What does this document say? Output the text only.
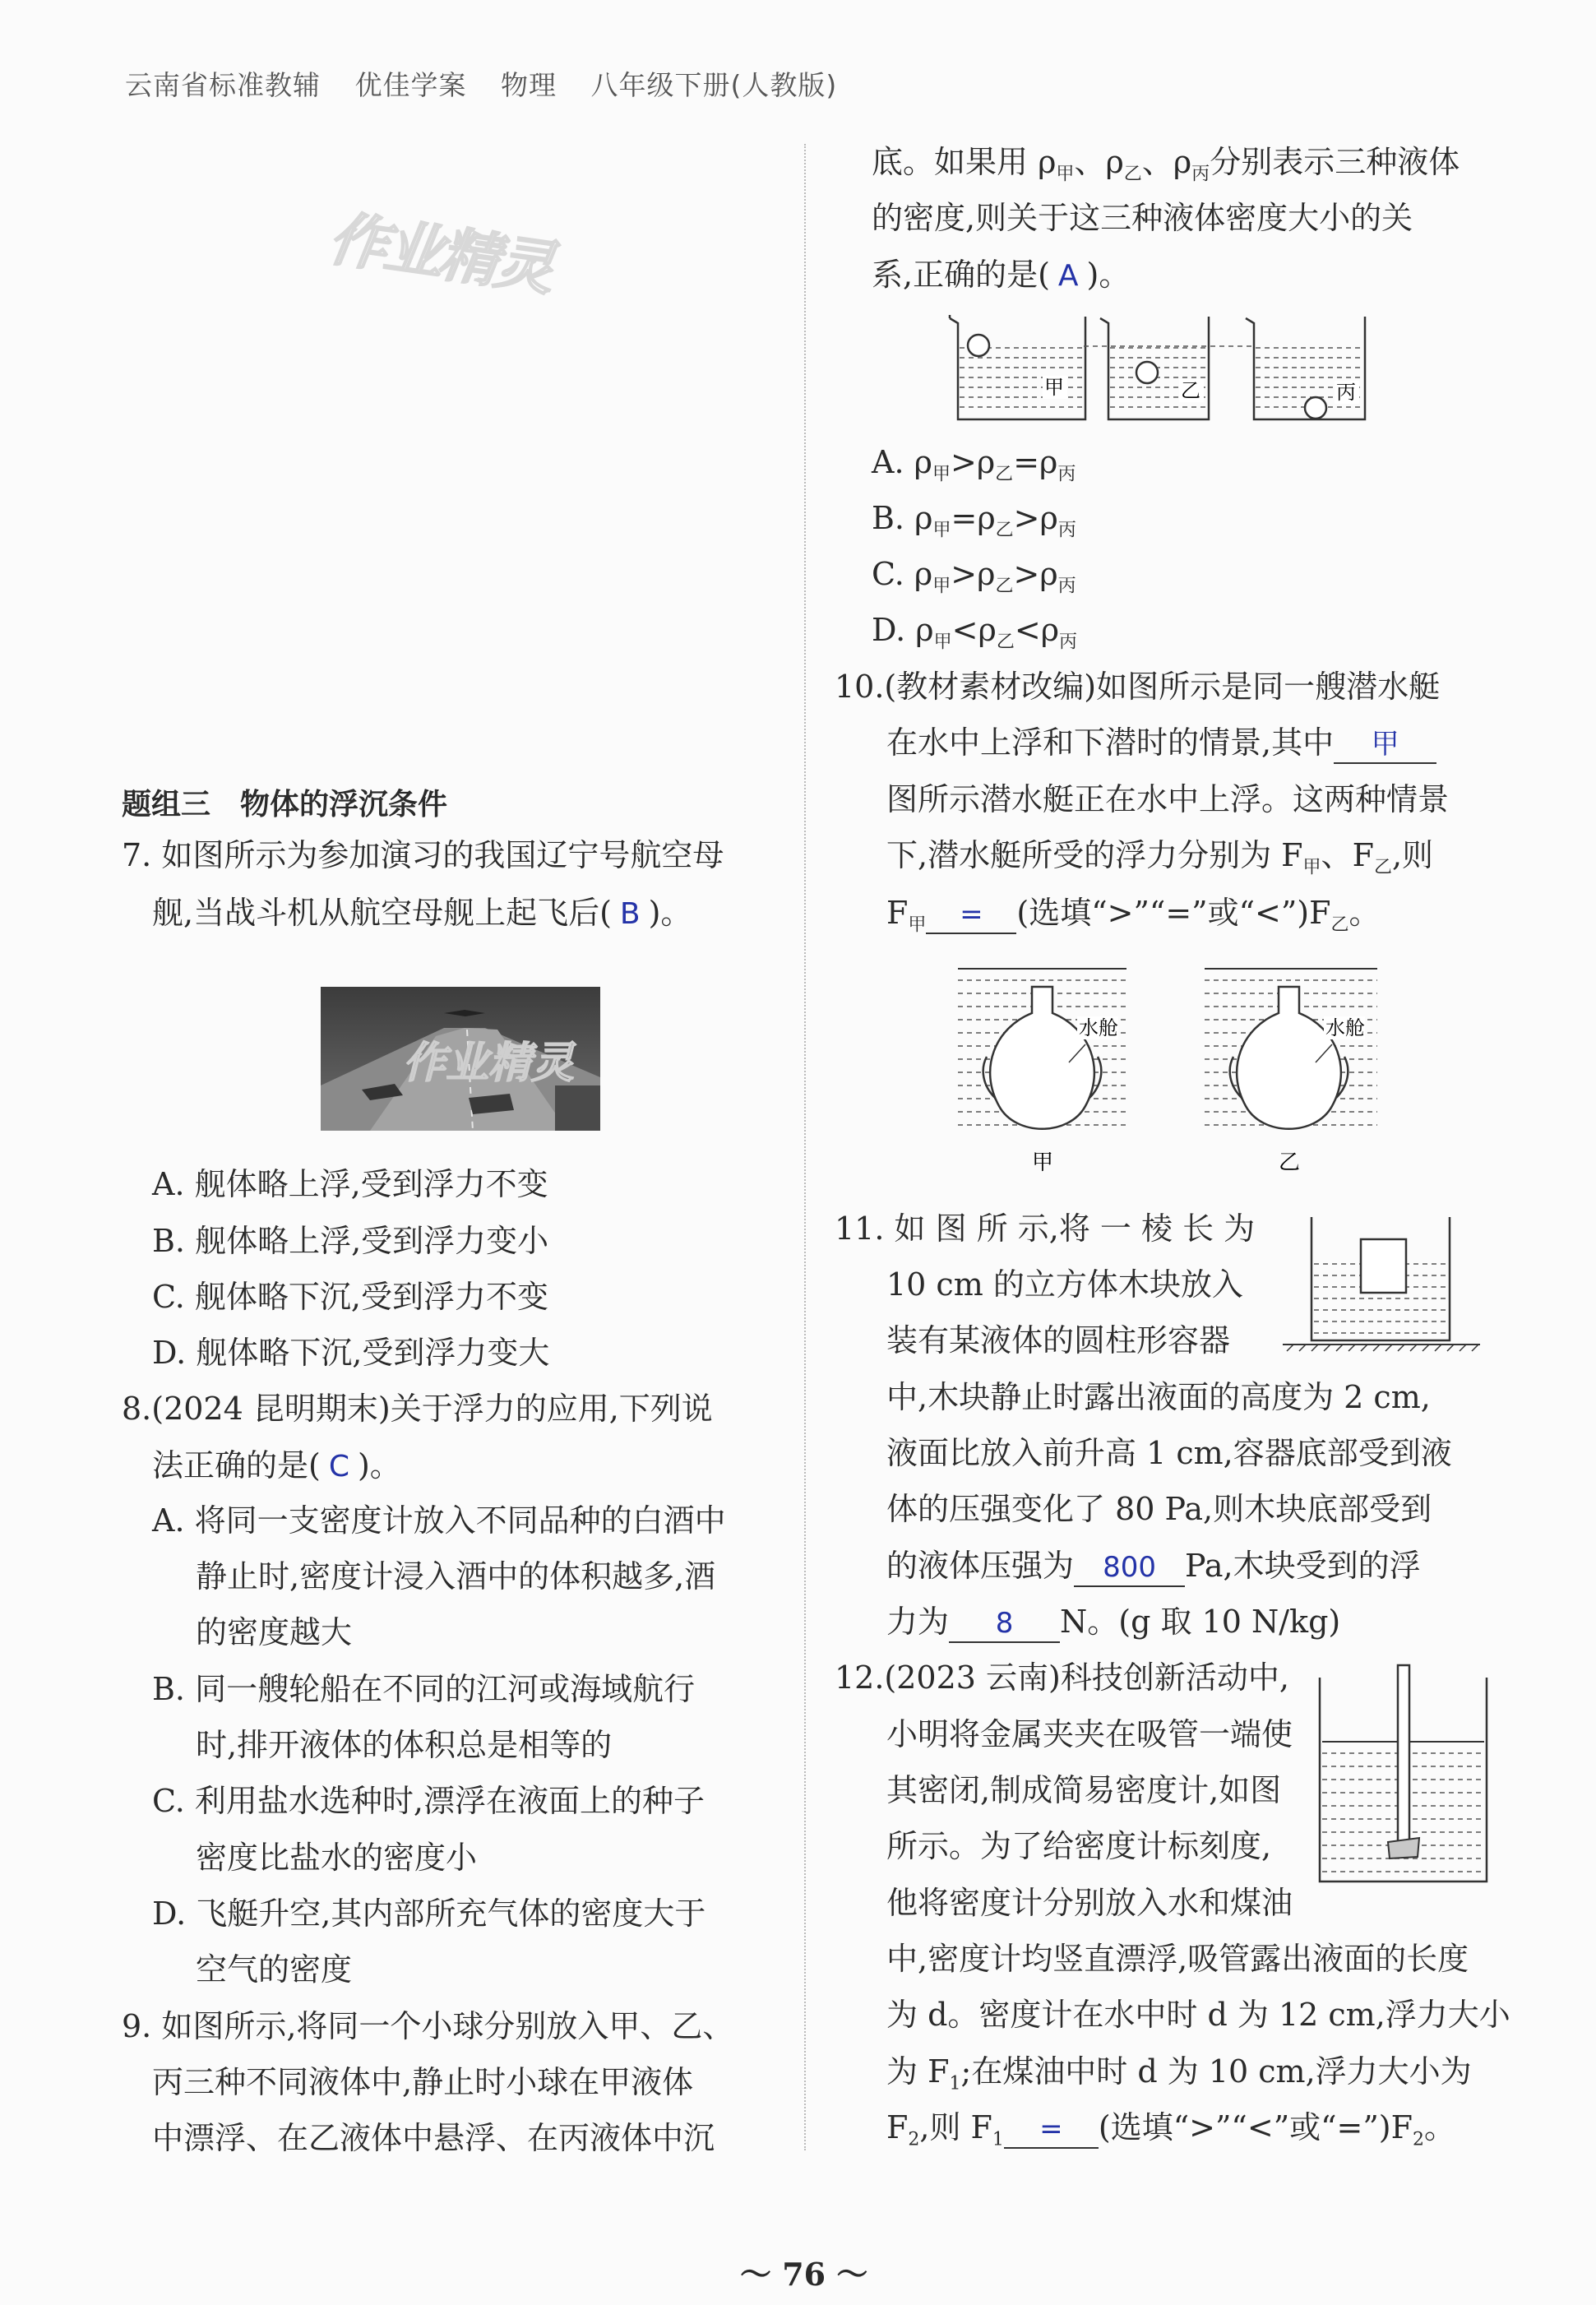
云南省标准教辅 优佳学案 物理 八年级下册(人教版)
作业精灵
题组三　物体的浮沉条件
7. 如图所示为参加演习的我国辽宁号航空母
舰,当战斗机从航空母舰上起飞后( B )。
作业精灵
A. 舰体略上浮,受到浮力不变
B. 舰体略上浮,受到浮力变小
C. 舰体略下沉,受到浮力不变
D. 舰体略下沉,受到浮力变大
8.(2024 昆明期末)关于浮力的应用,下列说
法正确的是( C )。
A. 将同一支密度计放入不同品种的白酒中
静止时,密度计浸入酒中的体积越多,酒
的密度越大
B. 同一艘轮船在不同的江河或海域航行
时,排开液体的体积总是相等的
C. 利用盐水选种时,漂浮在液面上的种子
密度比盐水的密度小
D. 飞艇升空,其内部所充气体的密度大于
空气的密度
9. 如图所示,将同一个小球分别放入甲、乙、
丙三种不同液体中,静止时小球在甲液体
中漂浮、在乙液体中悬浮、在丙液体中沉
底。如果用 $\rho_甲$、$\rho_乙$、$\rho_丙$分别表示三种液体
的密度,则关于这三种液体密度大小的关
系,正确的是( A )。
甲	乙	丙
A. $\rho_甲>\rho_乙=\rho_丙$
B. $\rho_甲=\rho_乙>\rho_丙$
C. $\rho_甲>\rho_乙>\rho_丙$
D. $\rho_甲<\rho_乙<\rho_丙$
10.(教材素材改编)如图所示是同一艘潜水艇
在水中上浮和下潜时的情景,其中 甲
图所示潜水艇正在水中上浮。这两种情景
下,潜水艇所受的浮力分别为 $F_甲$、$F_乙$,则
$F_甲$ = (选填“>”“=”或“$<”)F_乙$。
水舱	水舱
甲	乙
11. 如 图 所 示,将 一 棱 长 为
10 cm 的立方体木块放入
装有某液体的圆柱形容器
中,木块静止时露出液面的高度为 2 cm,
液面比放入前升高 1 cm,容器底部受到液
体的压强变化了 80 Pa,则木块底部受到
的液体压强为 800 Pa,木块受到的浮
力为 8 N。(g 取 10 N/kg)
12.(2023 云南)科技创新活动中,
小明将金属夹夹在吸管一端使
其密闭,制成简易密度计,如图
所示。为了给密度计标刻度,
他将密度计分别放入水和煤油
中,密度计均竖直漂浮,吸管露出液面的长度
为 d。密度计在水中时 d 为 12 cm,浮力大小
为 $F_1$;在煤油中时 d 为 10 cm,浮力大小为
$F_2$,则 $F_1$ = (选填“>”“<”或“$=”)F_2$。
～ 76 ～
